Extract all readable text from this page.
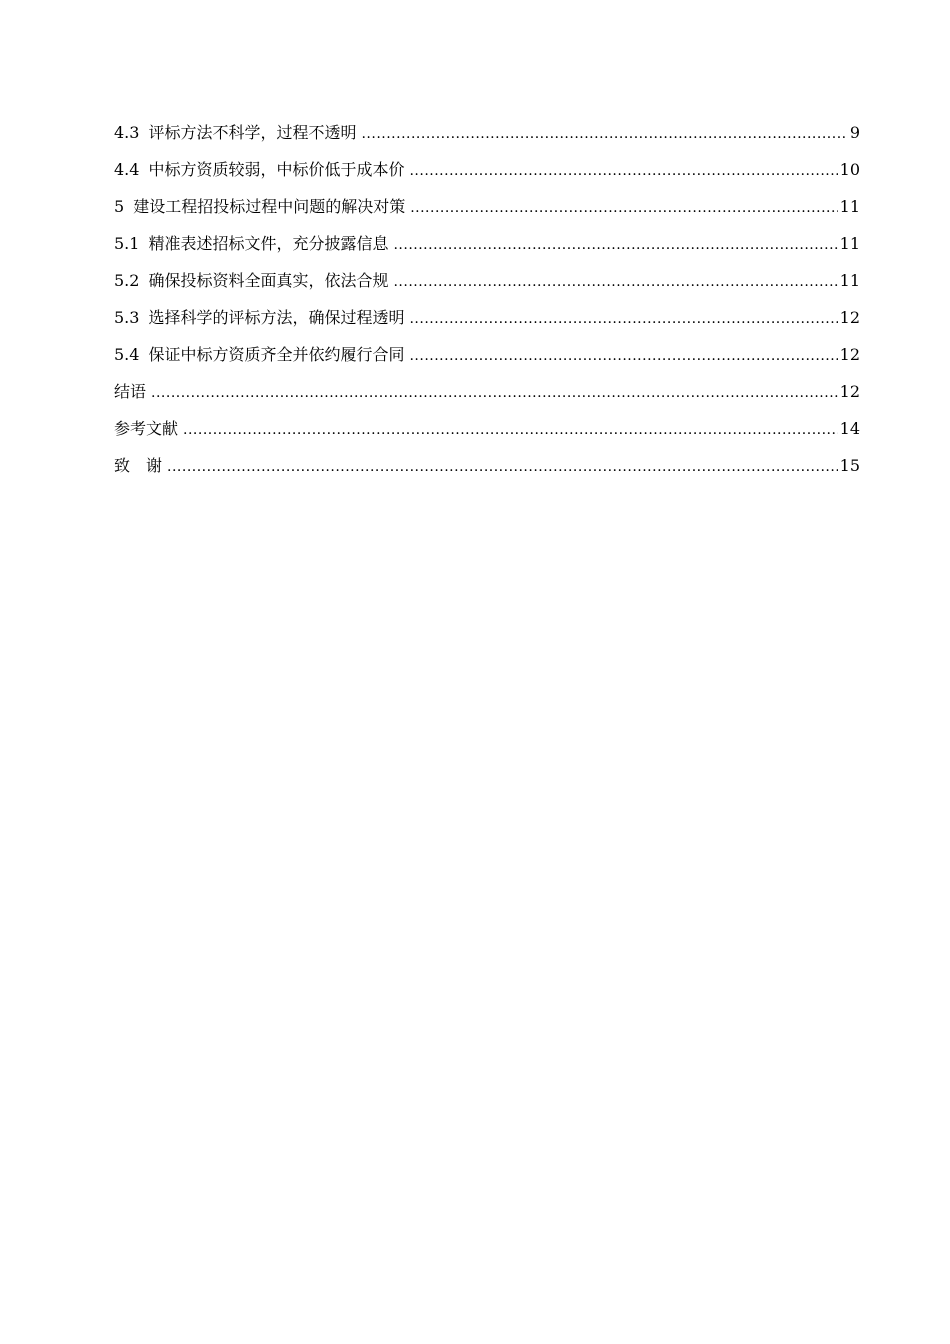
4.3 评标方法不科学，过程不透明 .....	9
4.4 中标方资质较弱，中标价低于成本价 .....	10
5 建设工程招投标过程中问题的解决对策 .....	11
5.1 精准表述招标文件，充分披露信息 .....	11
5.2 确保投标资料全面真实，依法合规 .....	11
5.3 选择科学的评标方法，确保过程透明 .....	12
5.4 保证中标方资质齐全并依约履行合同 .....	12
结语 .....	12
参考文献 .....	14
致　谢 .....	15
